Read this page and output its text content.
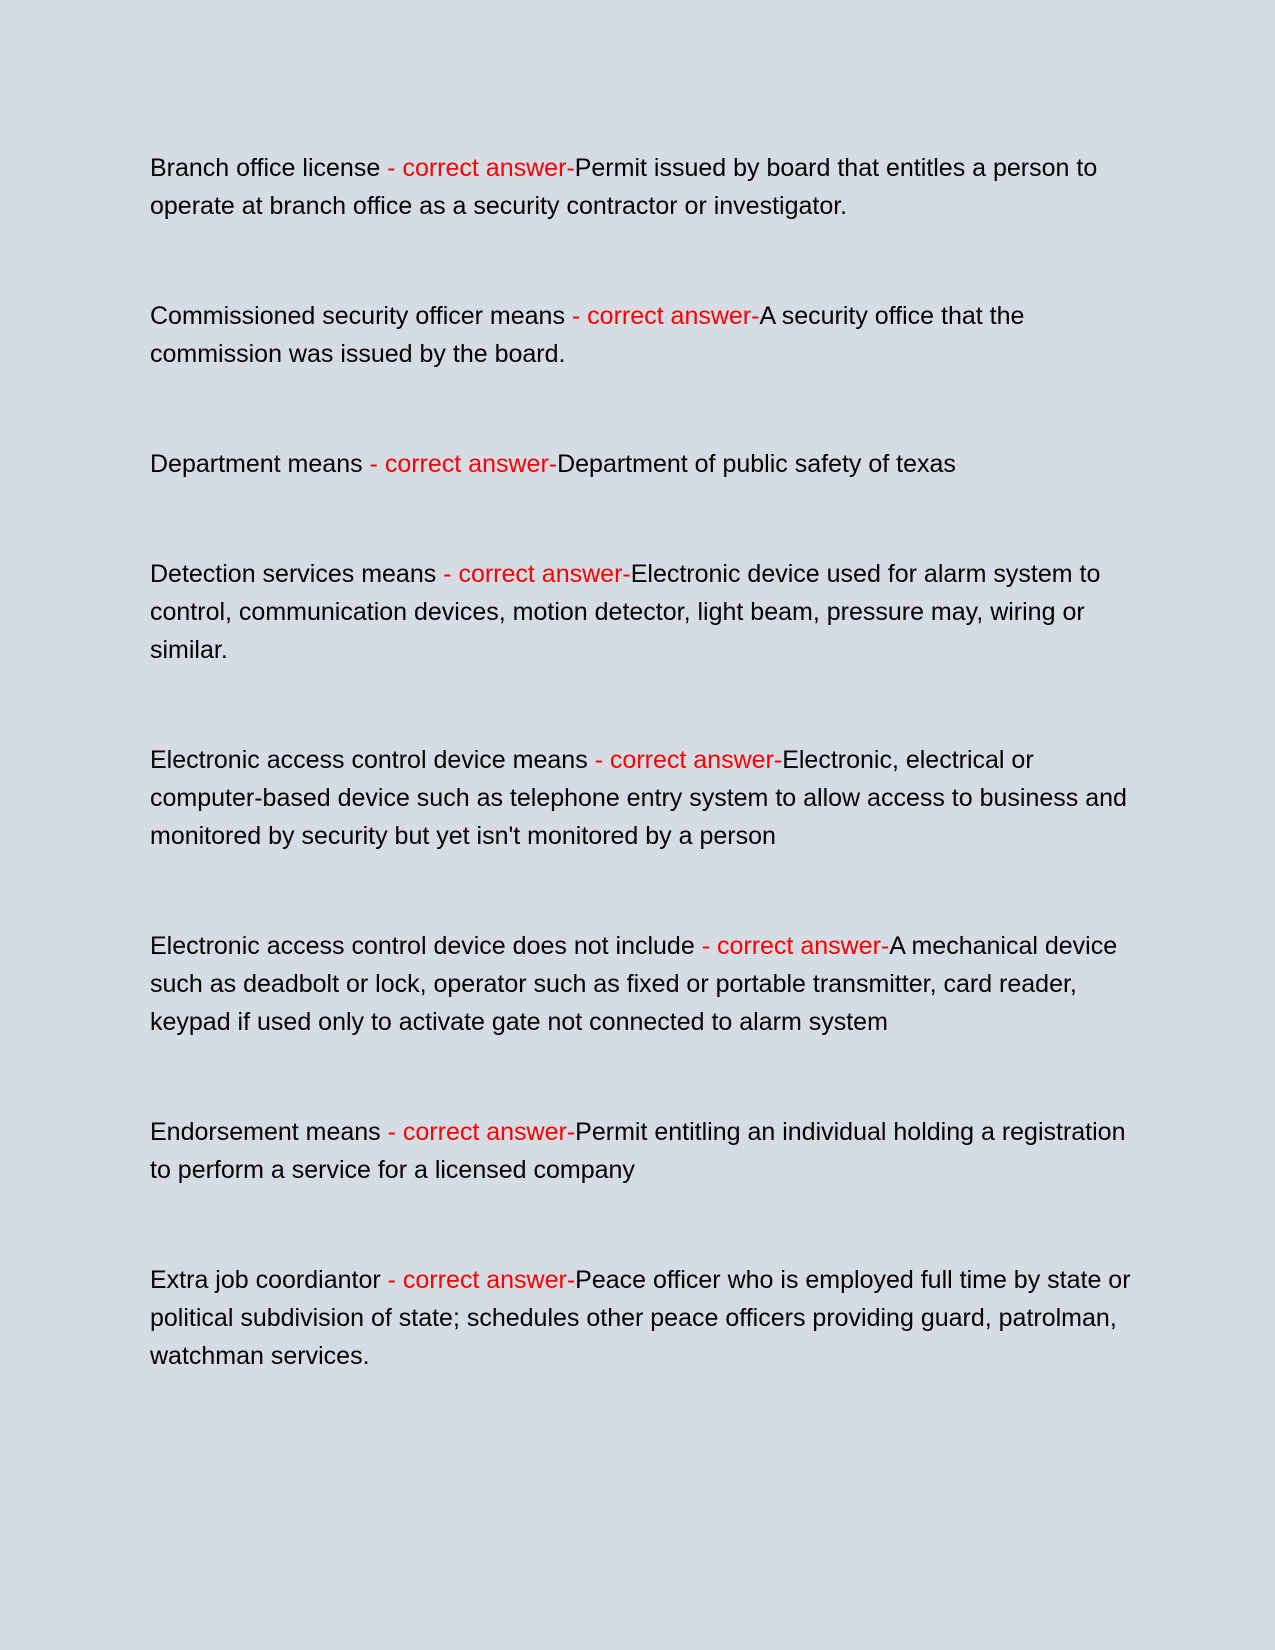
Branch office license - correct answer-Permit issued by board that entitles a person to operate at branch office as a security contractor or investigator.

Commissioned security officer means - correct answer-A security office that the commission was issued by the board.

Department means - correct answer-Department of public safety of texas

Detection services means - correct answer-Electronic device used for alarm system to control, communication devices, motion detector, light beam, pressure may, wiring or similar.

Electronic access control device means - correct answer-Electronic, electrical or computer-based device such as telephone entry system to allow access to business and monitored by security but yet isn't monitored by a person

Electronic access control device does not include - correct answer-A mechanical device such as deadbolt or lock, operator such as fixed or portable transmitter, card reader, keypad if used only to activate gate not connected to alarm system

Endorsement means - correct answer-Permit entitling an individual holding a registration to perform a service for a licensed company

Extra job coordiantor - correct answer-Peace officer who is employed full time by state or political subdivision of state; schedules other peace officers providing guard, patrolman, watchman services.
